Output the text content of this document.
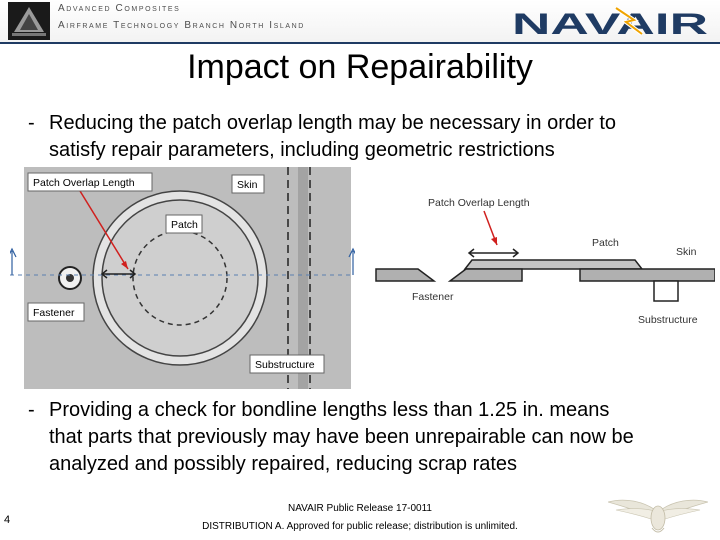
Advanced Composites
Airframe Technology Branch North Island	NAVAIR
Impact on Repairability
- Reducing the patch overlap length may be necessary in order to
satisfy repair parameters, including geometric restrictions
Patch Overlap Length	Skin
Patch
Fastener
Substructure
Patch Overlap Length
Patch
Skin
Fastener
Substructure
- Providing a check for bondline lengths less than 1.25 in. means
that parts that previously may have been unrepairable can now be
analyzed and possibly repaired, reducing scrap rates
NAVAIR Public Release 17-0011
DISTRIBUTION A. Approved for public release; distribution is unlimited.
4
